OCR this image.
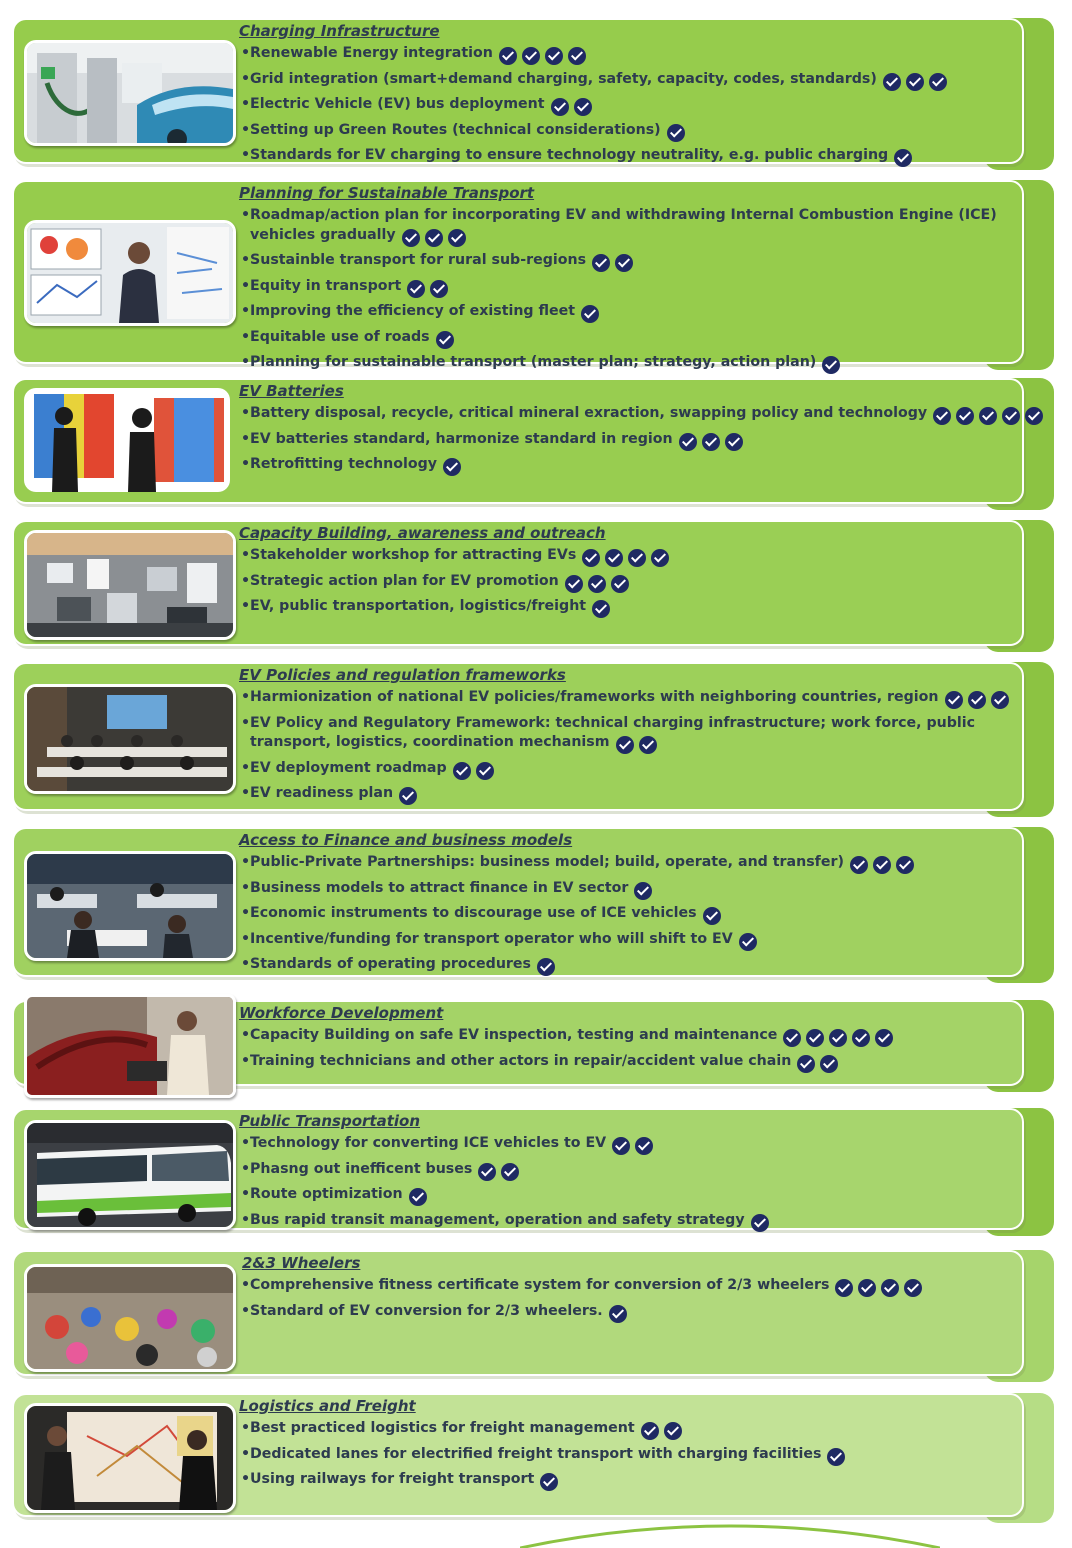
Charging Infrastructure
•Renewable Energy integration
•Grid integration (smart+demand charging, safety, capacity, codes, standards)
•Electric Vehicle (EV) bus deployment
•Setting up Green Routes (technical considerations)
•Standards for EV charging to ensure technology neutrality, e.g. public charging
Planning for Sustainable Transport
•Roadmap/action plan for incorporating EV and withdrawing Internal Combustion Engine (ICE) vehicles gradually
•Sustainble transport for rural sub-regions
•Equity in transport
•Improving the efficiency of existing fleet
•Equitable use of roads
•Planning for sustainable transport (master plan; strategy, action plan)
EV Batteries
•Battery disposal, recycle, critical mineral exraction, swapping policy and technology
•EV batteries standard, harmonize standard in region
•Retrofitting technology
Capacity Building, awareness and outreach
•Stakeholder workshop for attracting EVs
•Strategic action plan for EV promotion
•EV, public transportation, logistics/freight
EV Policies and regulation frameworks
•Harmionization of national EV policies/frameworks with neighboring countries, region
•EV Policy and Regulatory Framework: technical charging infrastructure; work force, public transport, logistics, coordination mechanism
•EV deployment roadmap
•EV readiness plan
Access to Finance and business models
•Public-Private Partnerships: business model; build, operate, and transfer)
•Business models to attract finance in EV sector
•Economic instruments to discourage use of ICE vehicles
•Incentive/funding for transport operator who will shift to EV
•Standards of operating procedures
Workforce Development
•Capacity Building on safe EV inspection, testing and maintenance
•Training technicians and other actors in repair/accident value chain
Public Transportation
•Technology for converting ICE vehicles to EV
•Phasng out inefficent buses
•Route optimization
•Bus rapid transit management, operation and safety strategy
2&3 Wheelers
•Comprehensive fitness certificate system for conversion of 2/3 wheelers
•Standard of EV conversion for 2/3 wheelers.
Logistics and Freight
•Best practiced logistics for freight management
•Dedicated lanes for electrified freight transport with charging facilities
•Using railways for freight transport
